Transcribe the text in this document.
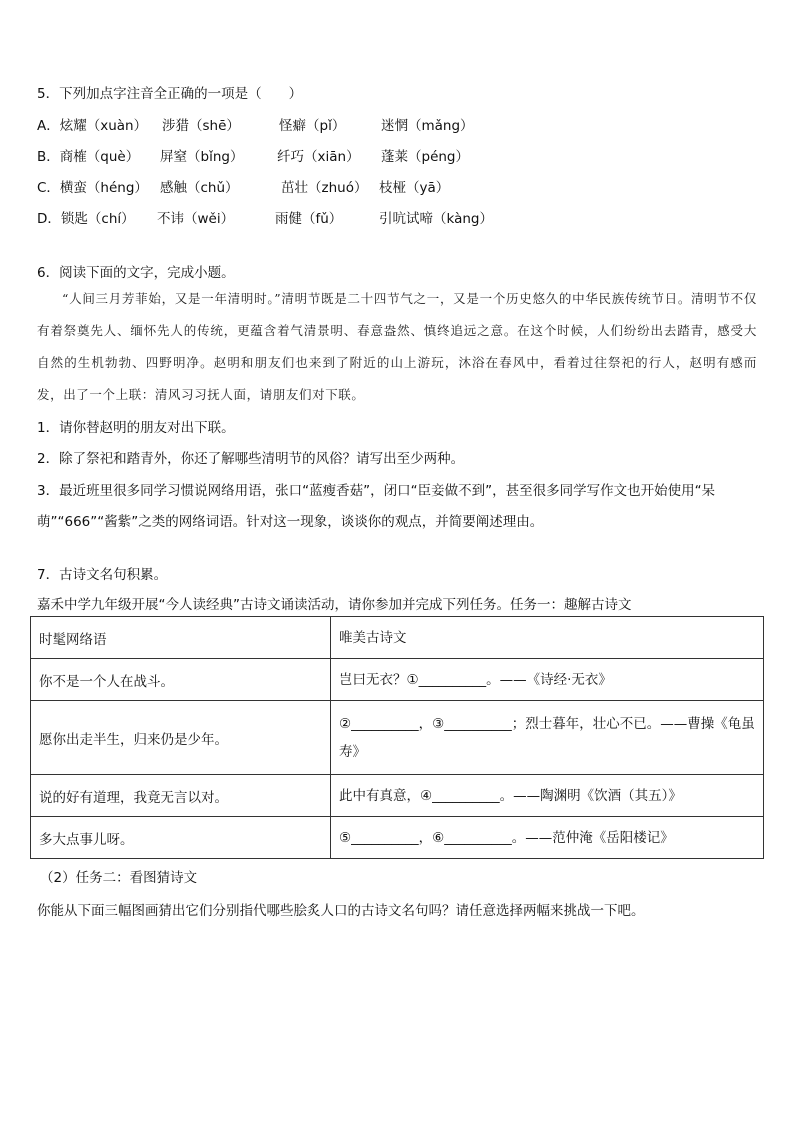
5．下列加点字注音全正确的一项是（　　）
A．炫耀（xuàn） 涉猎（shē）	怪癖（pǐ）	迷惘（mǎng）
B．商榷（què） 屏窒（bǐng） 纤巧（xiān） 蓬莱（péng）
C．横蛮（héng） 感触（chǔ）	茁壮（zhuó） 枝桠（yā）
D．锁匙（chí） 不讳（wěi）	雨健（fǔ）	引吭试啼（kàng）
6．阅读下面的文字，完成小题。

“人间三月芳菲始，又是一年清明时。”清明节既是二十四节气之一，又是一个历史悠久的中华民族传统节日。清明节不仅有着祭奠先人、缅怀先人的传统，更蕴含着气清景明、春意盎然、慎终追远之意。在这个时候，人们纷纷出去踏青，感受大自然的生机勃勃、四野明净。赵明和朋友们也来到了附近的山上游玩，沐浴在春风中，看着过往祭祀的行人，赵明有感而发，出了一个上联：清风习习抚人面，请朋友们对下联。

1．请你替赵明的朋友对出下联。
2．除了祭祀和踏青外，你还了解哪些清明节的风俗？请写出至少两种。
3．最近班里很多同学习惯说网络用语，张口“蓝瘦香菇”，闭口“臣妾做不到”，甚至很多同学写作文也开始使用“呆
萌”“666”“酱紫”之类的网络词语。针对这一现象，谈谈你的观点，并简要阐述理由。
7．古诗文名句积累。
嘉禾中学九年级开展“今人读经典”古诗文诵读活动，请你参加并完成下列任务。任务一：趣解古诗文
时髦网络语	唯美古诗文
你不是一个人在战斗。	岂曰无衣？①__________。——《诗经·无衣》
愿你出走半生，归来仍是少年。	②__________，③__________；烈士暮年，壮心不已。——曹操《龟虽寿》
说的好有道理，我竟无言以对。	此中有真意，④__________。——陶渊明《饮酒（其五）》
多大点事儿呀。	⑤__________，⑥__________。——范仲淹《岳阳楼记》
（2）任务二：看图猜诗文
你能从下面三幅图画猜出它们分别指代哪些脍炙人口的古诗文名句吗？请任意选择两幅来挑战一下吧。
